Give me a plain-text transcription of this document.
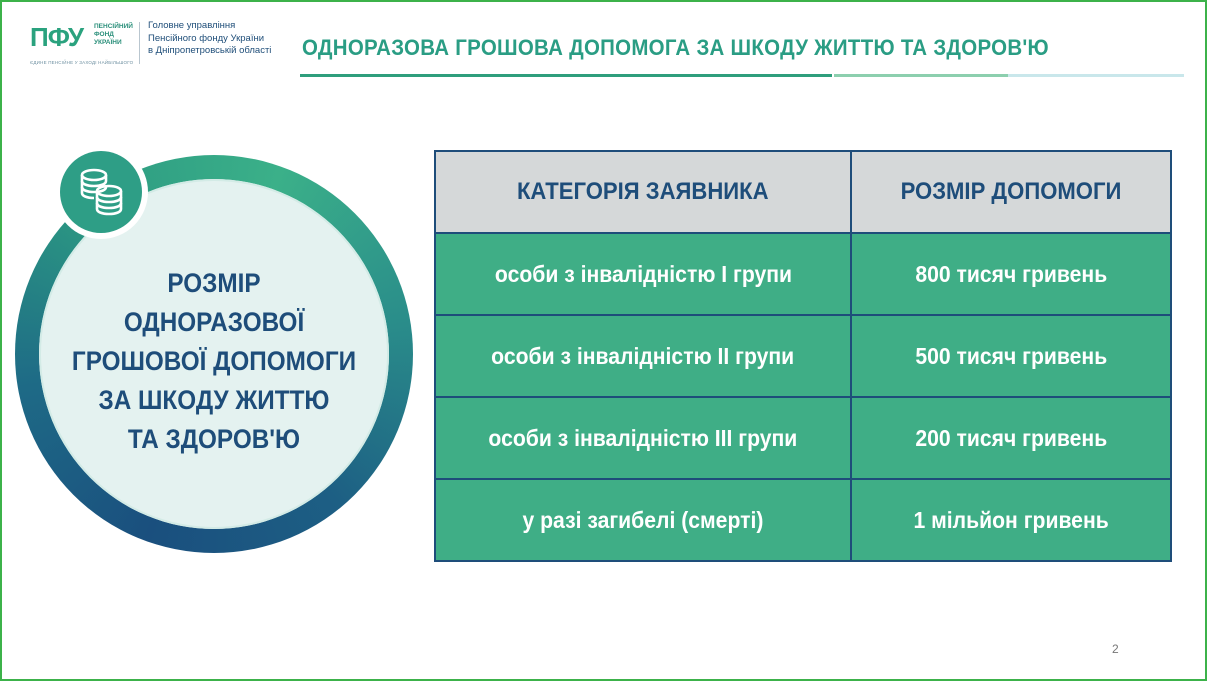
ПФУ ПЕНСІЙНИЙ ФОНД УКРАЇНИ
Головне управління
Пенсійного фонду України
в Дніпропетровській області
ЄДИНЕ ПЕНСІЙНЕ У ЗАХОДІ НАЙБІЛЬШОГО
ОДНОРАЗОВА ГРОШОВА ДОПОМОГА ЗА ШКОДУ ЖИТТЮ ТА ЗДОРОВ'Ю
РОЗМІР
ОДНОРАЗОВОЇ
ГРОШОВОЇ ДОПОМОГИ
ЗА ШКОДУ ЖИТТЮ
ТА ЗДОРОВ'Ю
КАТЕГОРІЯ ЗАЯВНИКА	РОЗМІР ДОПОМОГИ
особи з інвалідністю І групи	800 тисяч гривень
особи з інвалідністю ІІ групи	500 тисяч гривень
особи з інвалідністю ІІІ групи	200 тисяч гривень
у разі загибелі (смерті)	1 мільйон гривень
2
